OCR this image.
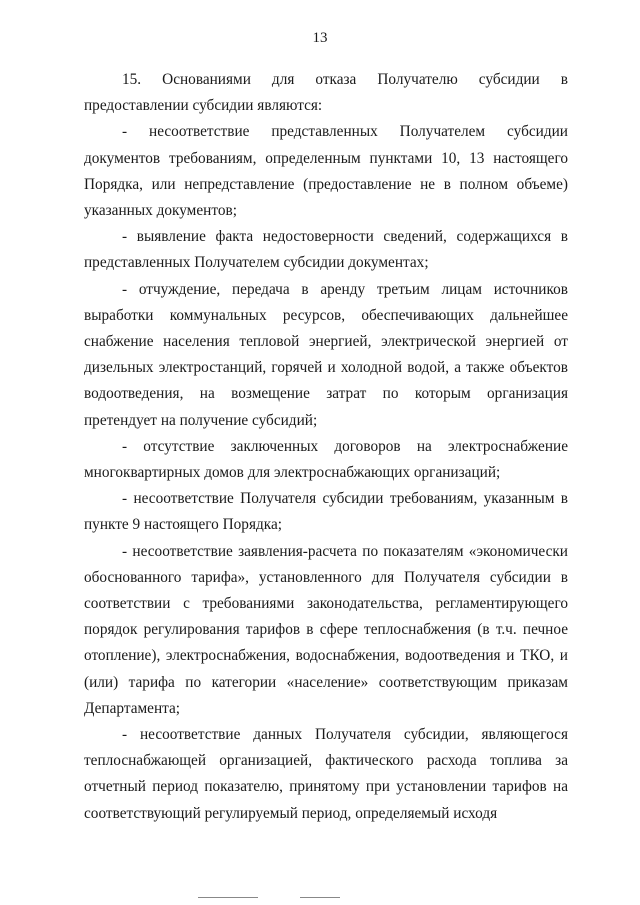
13

15. Основаниями для отказа Получателю субсидии в предоставлении субсидии являются:

- несоответствие представленных Получателем субсидии документов требованиям, определенным пунктами 10, 13 настоящего Порядка, или непредставление (предоставление не в полном объеме) указанных документов;

- выявление факта недостоверности сведений, содержащихся в представленных Получателем субсидии документах;

- отчуждение, передача в аренду третьим лицам источников выработки коммунальных ресурсов, обеспечивающих дальнейшее снабжение населения тепловой энергией, электрической энергией от дизельных электростанций, горячей и холодной водой, а также объектов водоотведения, на возмещение затрат по которым организация претендует на получение субсидий;

- отсутствие заключенных договоров на электроснабжение многоквартирных домов для электроснабжающих организаций;

- несоответствие Получателя субсидии требованиям, указанным в пункте 9 настоящего Порядка;

- несоответствие заявления-расчета по показателям «экономически обоснованного тарифа», установленного для Получателя субсидии в соответствии с требованиями законодательства, регламентирующего порядок регулирования тарифов в сфере теплоснабжения (в т.ч. печное отопление), электроснабжения, водоснабжения, водоотведения и ТКО, и (или) тарифа по категории «население» соответствующим приказам Департамента;

- несоответствие данных Получателя субсидии, являющегося теплоснабжающей организацией, фактического расхода топлива за отчетный период показателю, принятому при установлении тарифов на соответствующий регулируемый период, определяемый исходя
